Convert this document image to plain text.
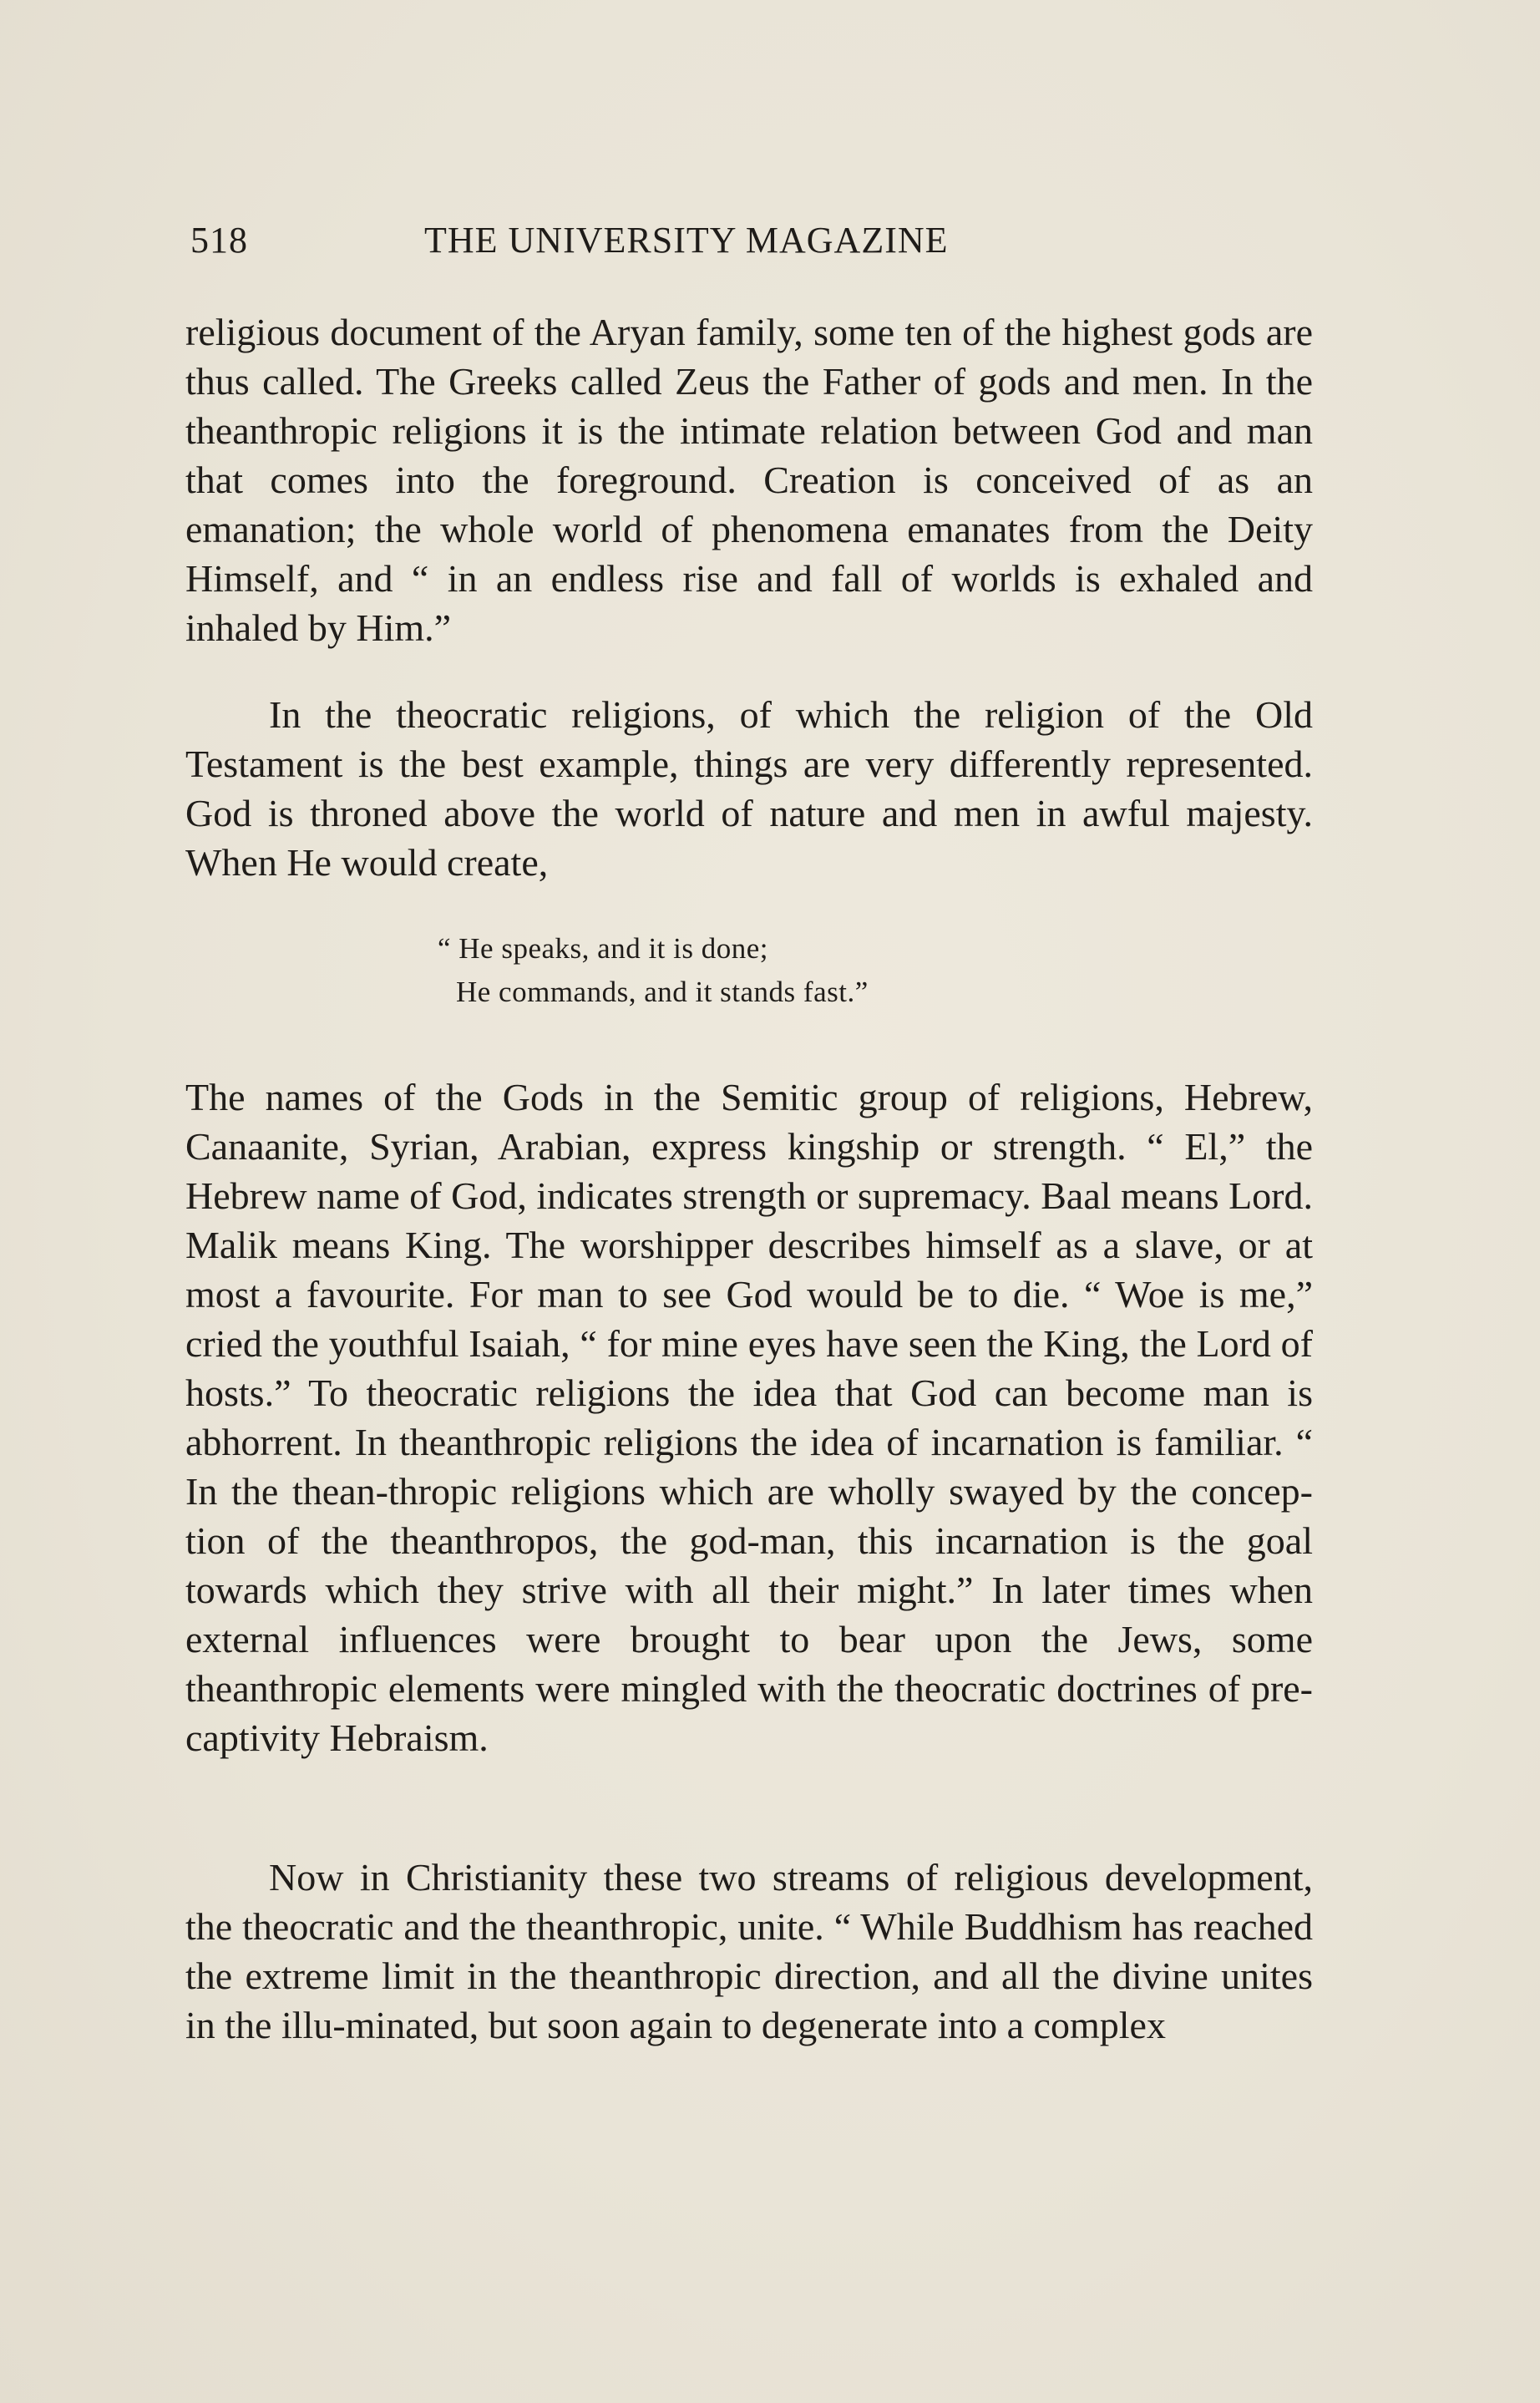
518	THE UNIVERSITY MAGAZINE

religious document of the Aryan family, some ten of the highest gods are thus called. The Greeks called Zeus the Father of gods and men. In the theanthropic religions it is the intimate relation between God and man that comes into the foreground. Creation is conceived of as an emanation; the whole world of phenomena emanates from the Deity Himself, and “ in an endless rise and fall of worlds is exhaled and inhaled by Him.”

In the theocratic religions, of which the religion of the Old Testament is the best example, things are very differently represented. God is throned above the world of nature and men in awful majesty. When He would create,

“ He speaks, and it is done;
He commands, and it stands fast.”

The names of the Gods in the Semitic group of religions, Hebrew, Canaanite, Syrian, Arabian, express kingship or strength. “ El,” the Hebrew name of God, indicates strength or supremacy. Baal means Lord. Malik means King. The worshipper describes himself as a slave, or at most a favourite. For man to see God would be to die. “ Woe is me,” cried the youthful Isaiah, “ for mine eyes have seen the King, the Lord of hosts.” To theocratic religions the idea that God can become man is abhorrent. In theanthropic religions the idea of incarnation is familiar. “ In the thean-thropic religions which are wholly swayed by the concep-tion of the theanthropos, the god-man, this incarnation is the goal towards which they strive with all their might.” In later times when external influences were brought to bear upon the Jews, some theanthropic elements were mingled with the theocratic doctrines of pre-captivity Hebraism.

Now in Christianity these two streams of religious development, the theocratic and the theanthropic, unite. “ While Buddhism has reached the extreme limit in the theanthropic direction, and all the divine unites in the illu-minated, but soon again to degenerate into a complex
